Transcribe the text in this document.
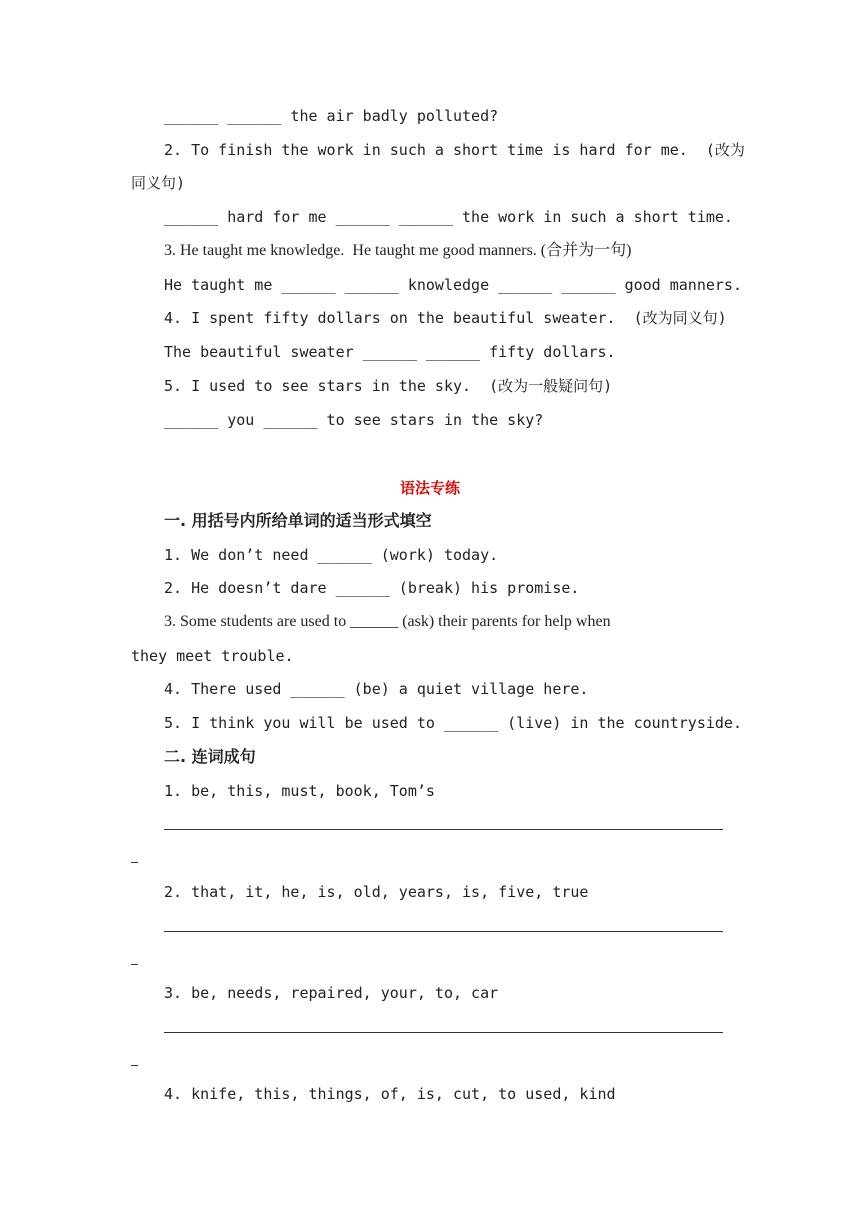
______ ______ the air badly polluted?
2. To finish the work in such a short time is hard for me.  (改为
同义句)
______ hard for me ______ ______ the work in such a short time.
3. He taught me knowledge.  He taught me good manners. (合并为一句)
He taught me ______ ______ knowledge ______ ______ good manners.
4. I spent fifty dollars on the beautiful sweater.  (改为同义句)
The beautiful sweater ______ ______ fifty dollars.
5. I used to see stars in the sky.  (改为一般疑问句)
______ you ______ to see stars in the sky?
语法专练
一. 用括号内所给单词的适当形式填空
1. We don’t need ______ (work) today.
2. He doesn’t dare ______ (break) his promise.
3. Some students are used to ______ (ask) their parents for help when
they meet trouble.
4. There used ______ (be) a quiet village here.
5. I think you will be used to ______ (live) in the countryside.
二. 连词成句
1. be, this, must, book, Tom’s
2. that, it, he, is, old, years, is, five, true
3. be, needs, repaired, your, to, car
4. knife, this, things, of, is, cut, to used, kind
